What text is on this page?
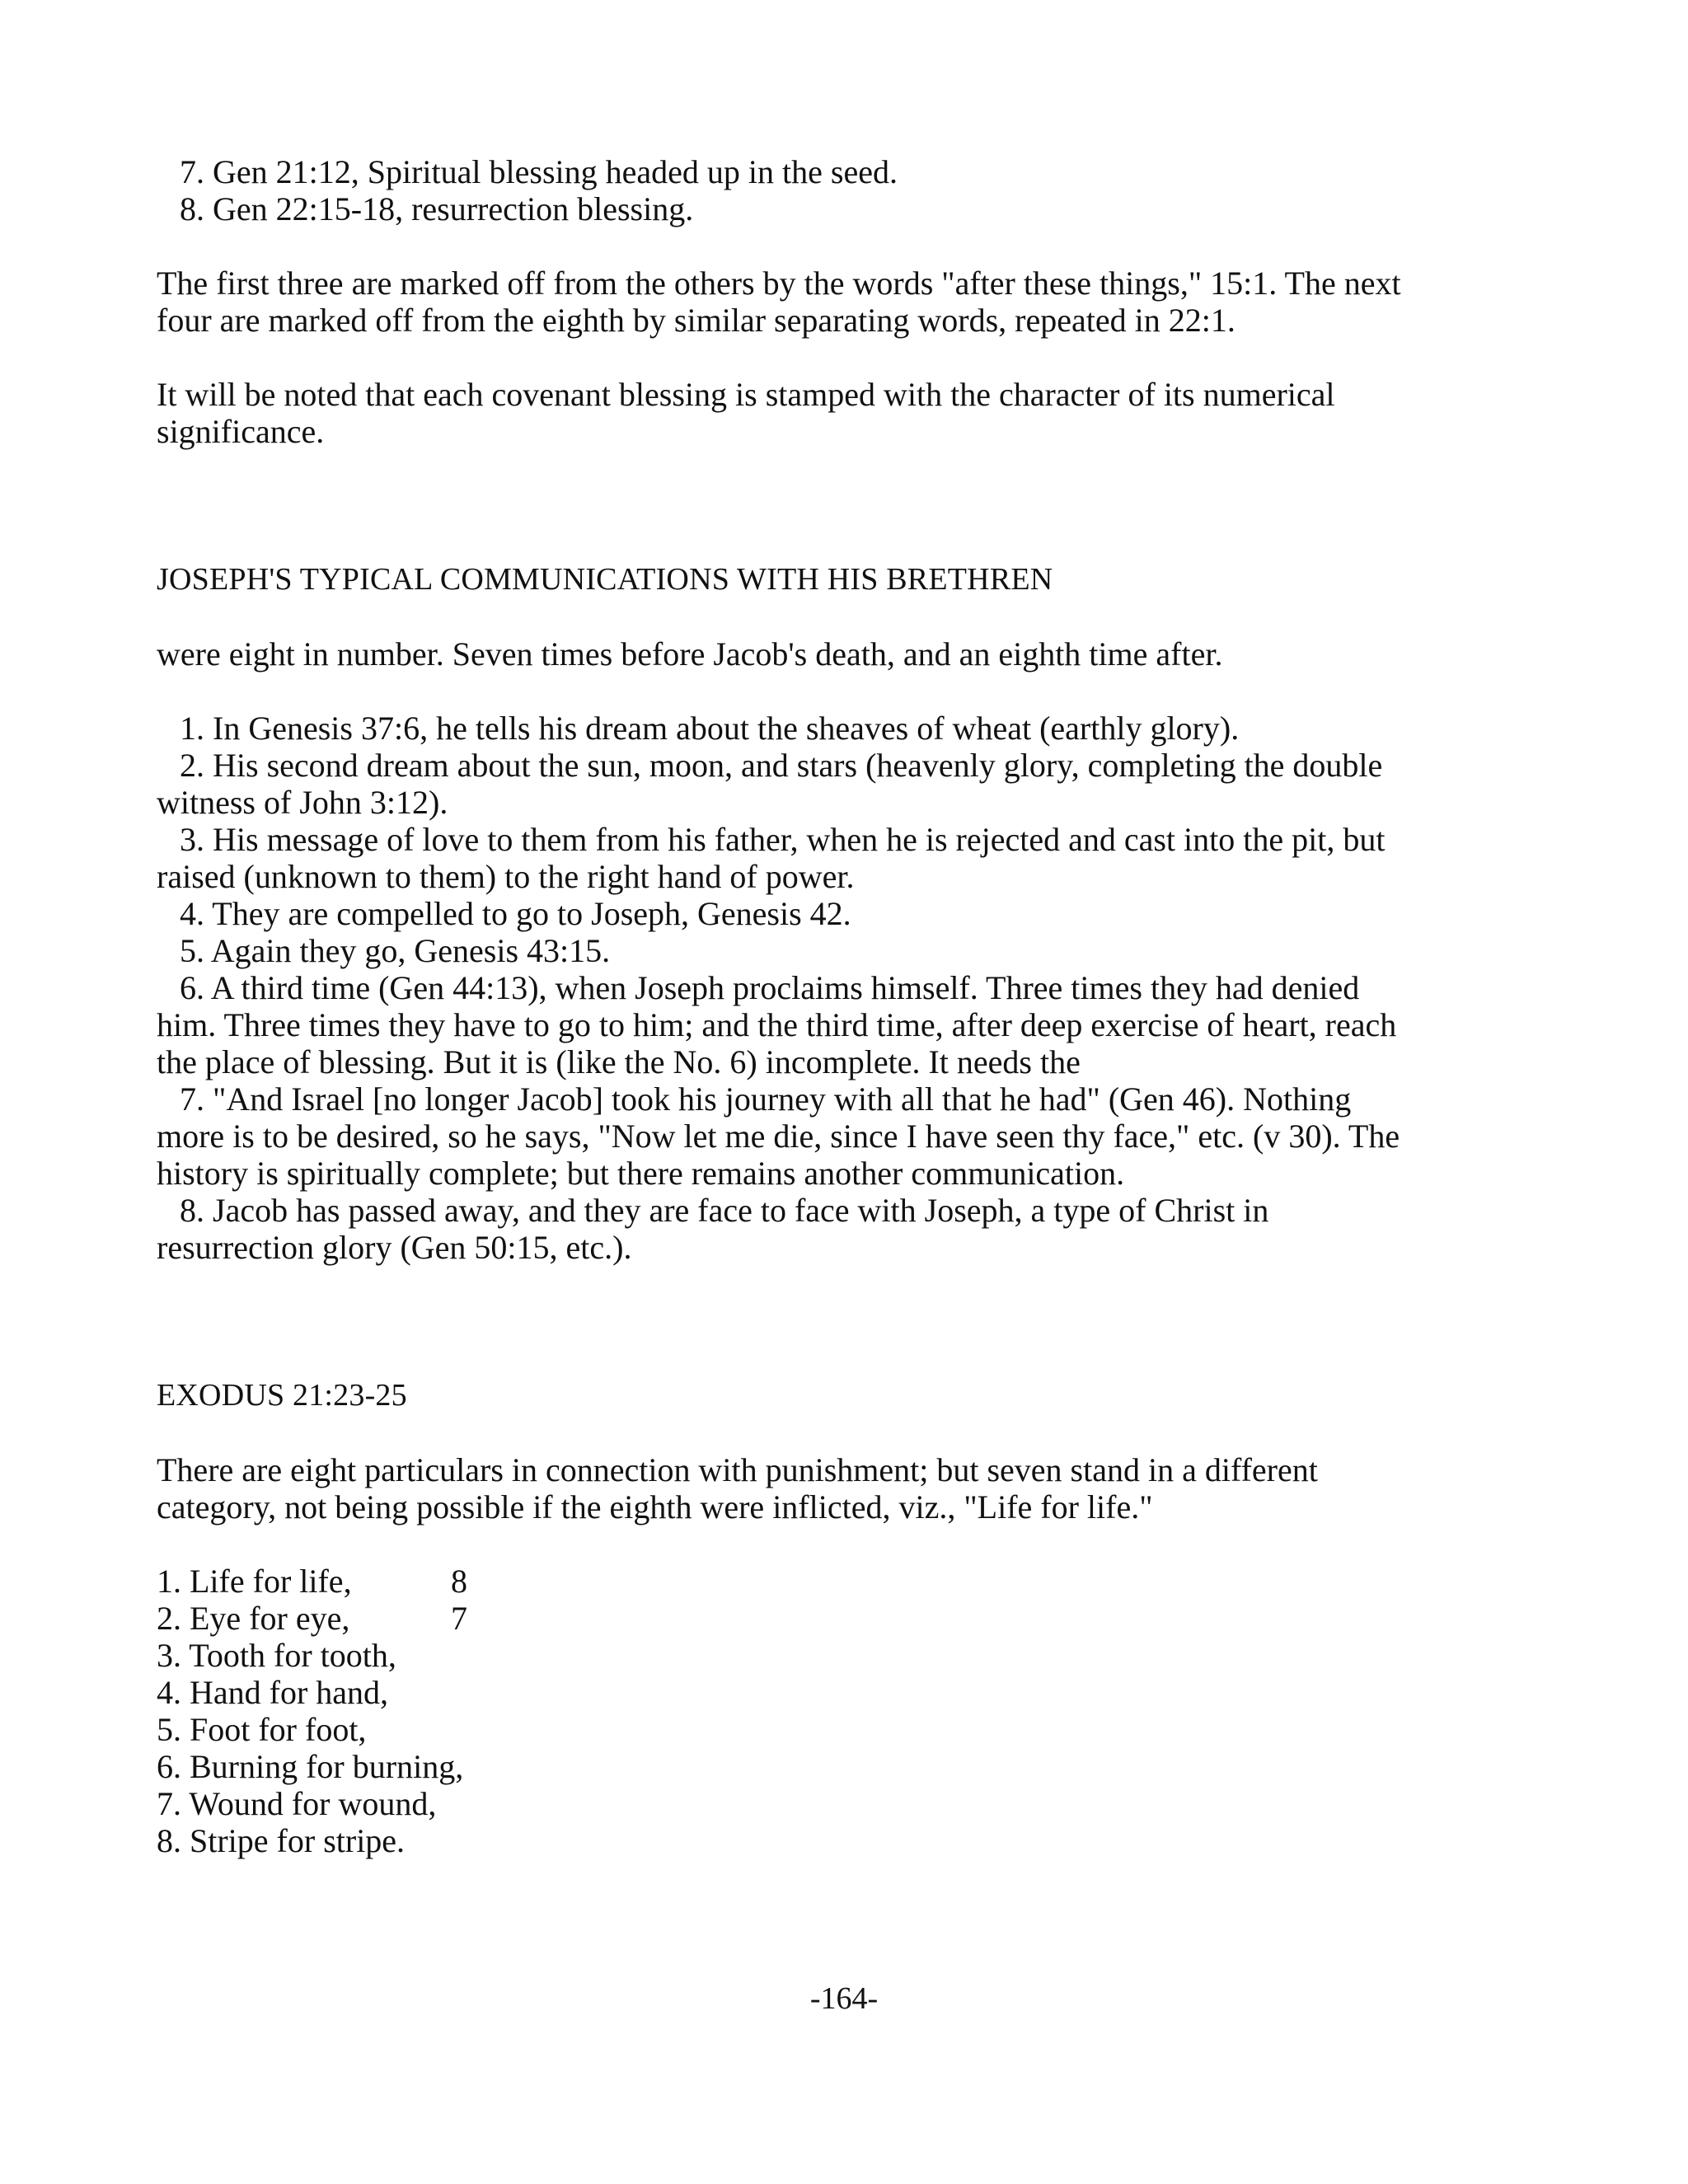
7. Gen 21:12, Spiritual blessing headed up in the seed.
8. Gen 22:15-18, resurrection blessing.
The first three are marked off from the others by the words "after these things," 15:1. The next
four are marked off from the eighth by similar separating words, repeated in 22:1.
It will be noted that each covenant blessing is stamped with the character of its numerical
significance.
JOSEPH'S TYPICAL COMMUNICATIONS WITH HIS BRETHREN
were eight in number. Seven times before Jacob's death, and an eighth time after.
1. In Genesis 37:6, he tells his dream about the sheaves of wheat (earthly glory).
2. His second dream about the sun, moon, and stars (heavenly glory, completing the double
witness of John 3:12).
3. His message of love to them from his father, when he is rejected and cast into the pit, but
raised (unknown to them) to the right hand of power.
4. They are compelled to go to Joseph, Genesis 42.
5. Again they go, Genesis 43:15.
6. A third time (Gen 44:13), when Joseph proclaims himself. Three times they had denied
him. Three times they have to go to him; and the third time, after deep exercise of heart, reach
the place of blessing. But it is (like the No. 6) incomplete. It needs the
7. "And Israel [no longer Jacob] took his journey with all that he had" (Gen 46). Nothing
more is to be desired, so he says, "Now let me die, since I have seen thy face," etc. (v 30). The
history is spiritually complete; but there remains another communication.
8. Jacob has passed away, and they are face to face with Joseph, a type of Christ in
resurrection glory (Gen 50:15, etc.).
EXODUS 21:23-25
There are eight particulars in connection with punishment; but seven stand in a different
category, not being possible if the eighth were inflicted, viz., "Life for life."
1. Life for life,	8
2. Eye for eye,	7
3. Tooth for tooth,
4. Hand for hand,
5. Foot for foot,
6. Burning for burning,
7. Wound for wound,
8. Stripe for stripe.
-164-
